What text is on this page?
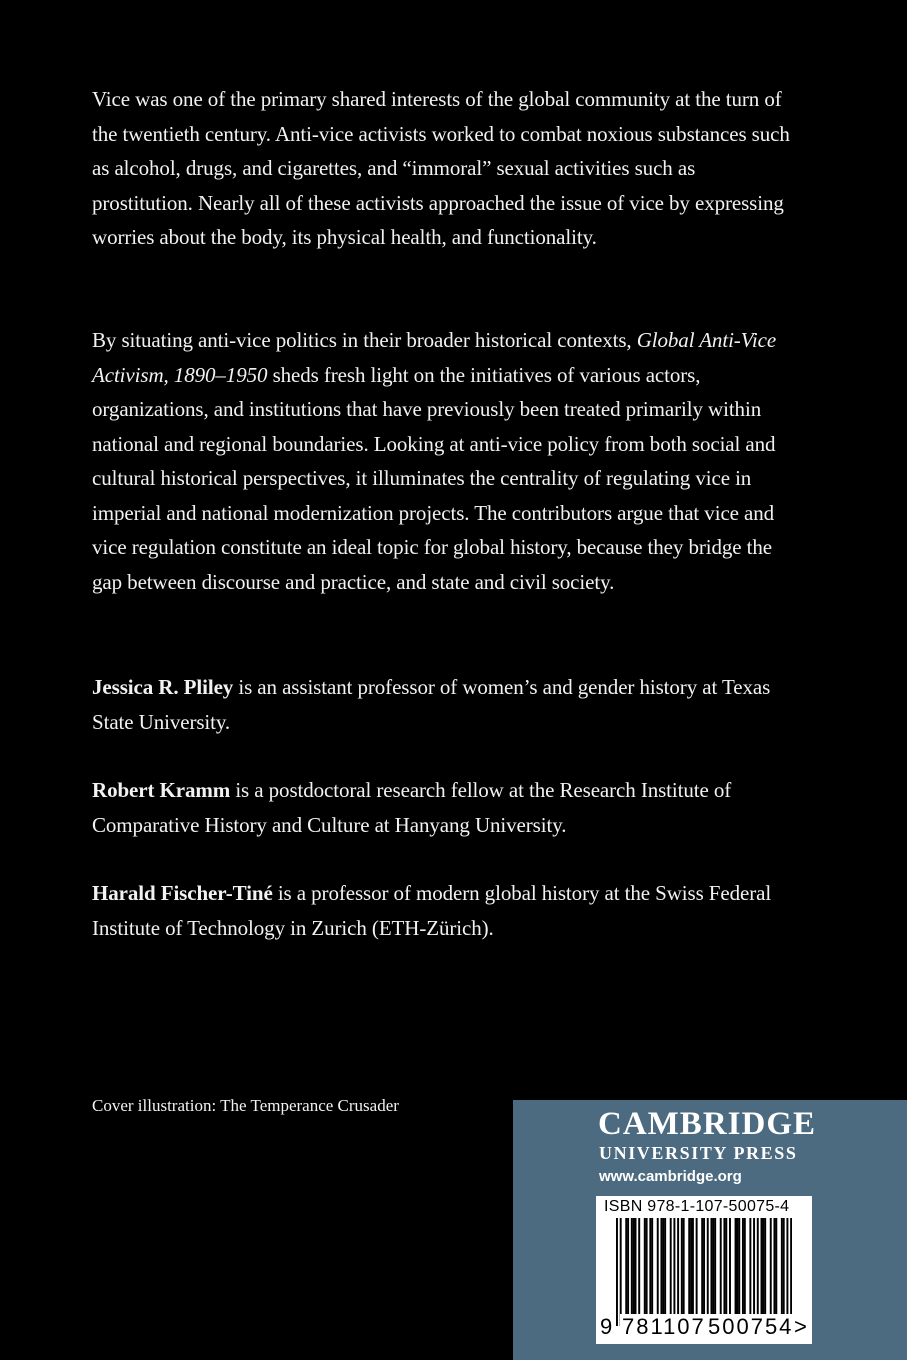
Vice was one of the primary shared interests of the global community at the turn of the twentieth century. Anti-vice activists worked to combat noxious substances such as alcohol, drugs, and cigarettes, and “immoral” sexual activities such as prostitution. Nearly all of these activists approached the issue of vice by expressing worries about the body, its physical health, and functionality.

By situating anti-vice politics in their broader historical contexts, Global Anti-Vice Activism, 1890–1950 sheds fresh light on the initiatives of various actors, organizations, and institutions that have previously been treated primarily within national and regional boundaries. Looking at anti-vice policy from both social and cultural historical perspectives, it illuminates the centrality of regulating vice in imperial and national modernization projects. The contributors argue that vice and vice regulation constitute an ideal topic for global history, because they bridge the gap between discourse and practice, and state and civil society.

Jessica R. Pliley is an assistant professor of women’s and gender history at Texas State University.

Robert Kramm is a postdoctoral research fellow at the Research Institute of Comparative History and Culture at Hanyang University.

Harald Fischer-Tiné is a professor of modern global history at the Swiss Federal Institute of Technology in Zurich (ETH-Zürich).

Cover illustration: The Temperance Crusader
CAMBRIDGE
UNIVERSITY PRESS
www.cambridge.org
ISBN 978-1-107-50075-4
9 781107 500754 >
